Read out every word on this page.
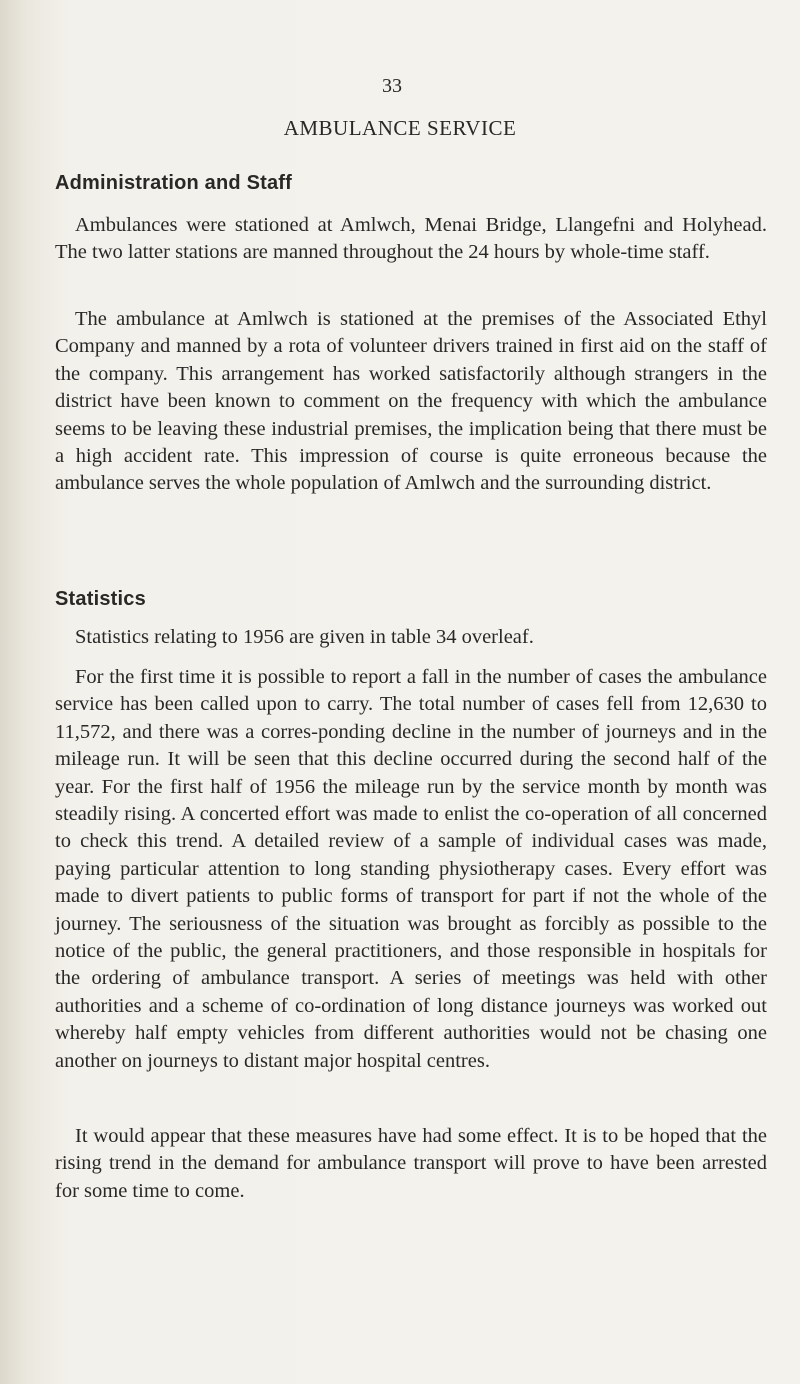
33
AMBULANCE SERVICE
Administration and Staff

Ambulances were stationed at Amlwch, Menai Bridge, Llangefni and Holyhead. The two latter stations are manned throughout the 24 hours by whole-time staff.

The ambulance at Amlwch is stationed at the premises of the Associated Ethyl Company and manned by a rota of volunteer drivers trained in first aid on the staff of the company. This arrangement has worked satisfactorily although strangers in the district have been known to comment on the frequency with which the ambulance seems to be leaving these industrial premises, the implication being that there must be a high accident rate. This impression of course is quite erroneous because the ambulance serves the whole population of Amlwch and the surrounding district.

Statistics

Statistics relating to 1956 are given in table 34 overleaf.

For the first time it is possible to report a fall in the number of cases the ambulance service has been called upon to carry. The total number of cases fell from 12,630 to 11,572, and there was a corres-ponding decline in the number of journeys and in the mileage run. It will be seen that this decline occurred during the second half of the year. For the first half of 1956 the mileage run by the service month by month was steadily rising. A concerted effort was made to enlist the co-operation of all concerned to check this trend. A detailed review of a sample of individual cases was made, paying particular attention to long standing physiotherapy cases. Every effort was made to divert patients to public forms of transport for part if not the whole of the journey. The seriousness of the situation was brought as forcibly as possible to the notice of the public, the general practitioners, and those responsible in hospitals for the ordering of ambulance transport. A series of meetings was held with other authorities and a scheme of co-ordination of long distance journeys was worked out whereby half empty vehicles from different authorities would not be chasing one another on journeys to distant major hospital centres.

It would appear that these measures have had some effect. It is to be hoped that the rising trend in the demand for ambulance transport will prove to have been arrested for some time to come.
